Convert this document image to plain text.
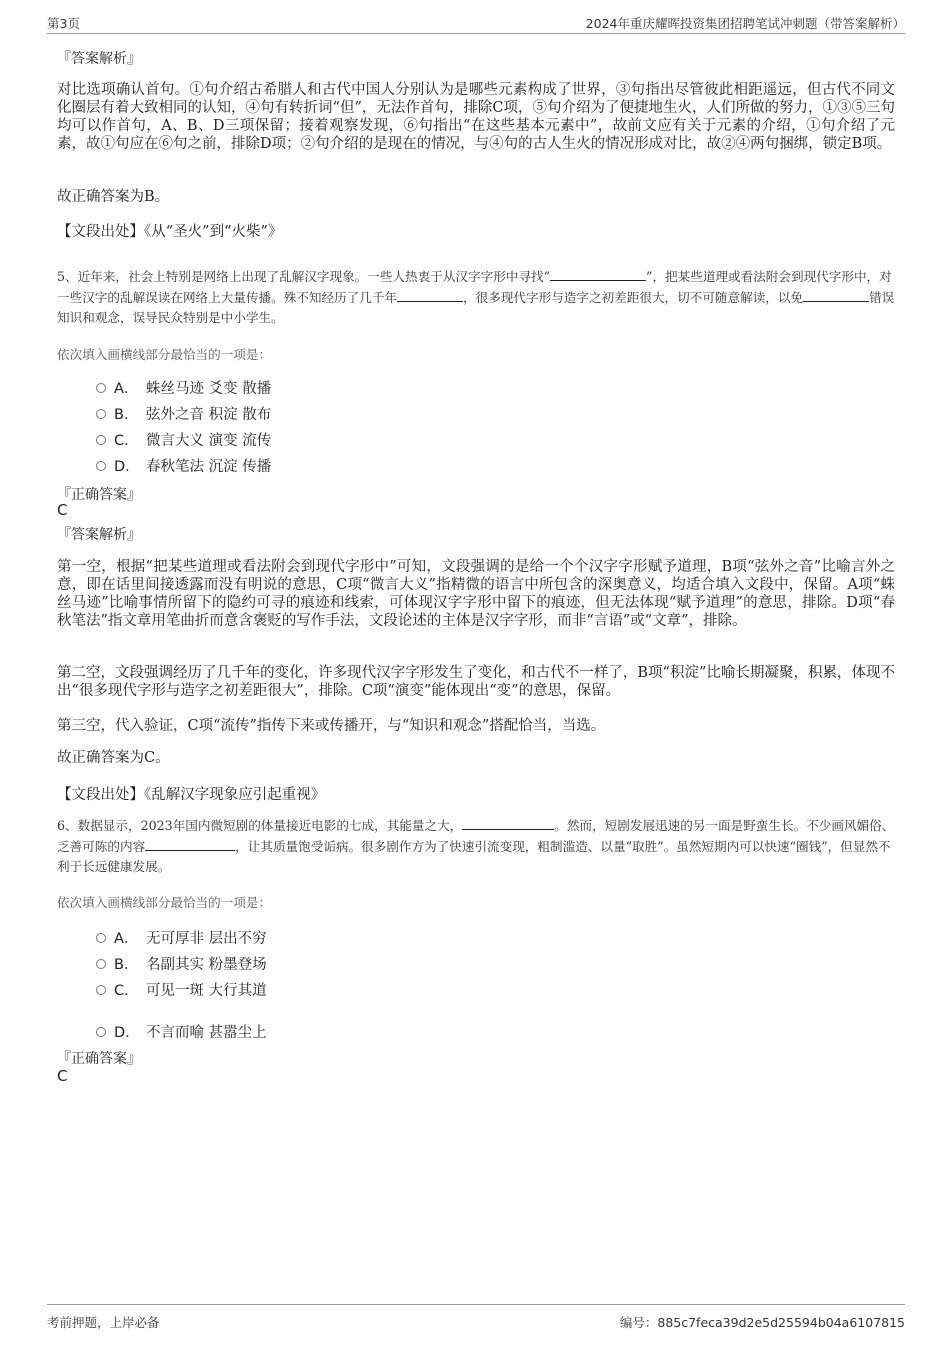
第3页	2024年重庆耀晖投资集团招聘笔试冲刺题（带答案解析）
『答案解析』
对比选项确认首句。①句介绍古希腊人和古代中国人分别认为是哪些元素构成了世界，③句指出尽管彼此相距遥远，但古代不同文化圈层有着大致相同的认知，④句有转折词“但”，无法作首句，排除C项，⑤句介绍为了便捷地生火，人们所做的努力，①③⑤三句均可以作首句，A、B、D三项保留；接着观察发现，⑥句指出“在这些基本元素中”，故前文应有关于元素的介绍，①句介绍了元素，故①句应在⑥句之前，排除D项；②句介绍的是现在的情况，与④句的古人生火的情况形成对比，故②④两句捆绑，锁定B项。
故正确答案为B。
【文段出处】《从“圣火”到“火柴”》
5、近年来，社会上特别是网络上出现了乱解汉字现象。一些人热衷于从汉字字形中寻找“	”，把某些道理或看法附会到现代字形中，对一些汉字的乱解误读在网络上大量传播。殊不知经历了几千年	，很多现代字形与造字之初差距很大，切不可随意解读，以免	错误知识和观念，误导民众特别是中小学生。
依次填入画横线部分最恰当的一项是：
A． 蛛丝马迹 爻变 散播
B． 弦外之音 积淀 散布
C． 微言大义 演变 流传
D． 春秋笔法 沉淀 传播
『正确答案』
C
『答案解析』
第一空，根据“把某些道理或看法附会到现代字形中”可知，文段强调的是给一个个汉字字形赋予道理，B项“弦外之音”比喻言外之意，即在话里间接透露而没有明说的意思，C项“微言大义”指精微的语言中所包含的深奥意义，均适合填入文段中，保留。A项“蛛丝马迹”比喻事情所留下的隐约可寻的痕迹和线索，可体现汉字字形中留下的痕迹，但无法体现“赋予道理”的意思，排除。D项“春秋笔法”指文章用笔曲折而意含褒贬的写作手法，文段论述的主体是汉字字形，而非“言语”或“文章”，排除。
第二空，文段强调经历了几千年的变化，许多现代汉字字形发生了变化，和古代不一样了，B项“积淀”比喻长期凝聚，积累，体现不出“很多现代字形与造字之初差距很大”，排除。C项“演变”能体现出“变”的意思，保留。
第三空，代入验证，C项“流传”指传下来或传播开，与“知识和观念”搭配恰当，当选。
故正确答案为C。
【文段出处】《乱解汉字现象应引起重视》
6、数据显示，2023年国内微短剧的体量接近电影的七成，其能量之大，	。然而，短剧发展迅速的另一面是野蛮生长。不少画风媚俗、乏善可陈的内容	，让其质量饱受诟病。很多剧作方为了快速引流变现，粗制滥造、以量“取胜”。虽然短期内可以快速“圈钱”，但显然不利于长远健康发展。
依次填入画横线部分最恰当的一项是：
A． 无可厚非 层出不穷
B． 名副其实 粉墨登场
C． 可见一斑 大行其道
D． 不言而喻 甚嚣尘上
『正确答案』
C
考前押题，上岸必备	编号：885c7feca39d2e5d25594b04a6107815
